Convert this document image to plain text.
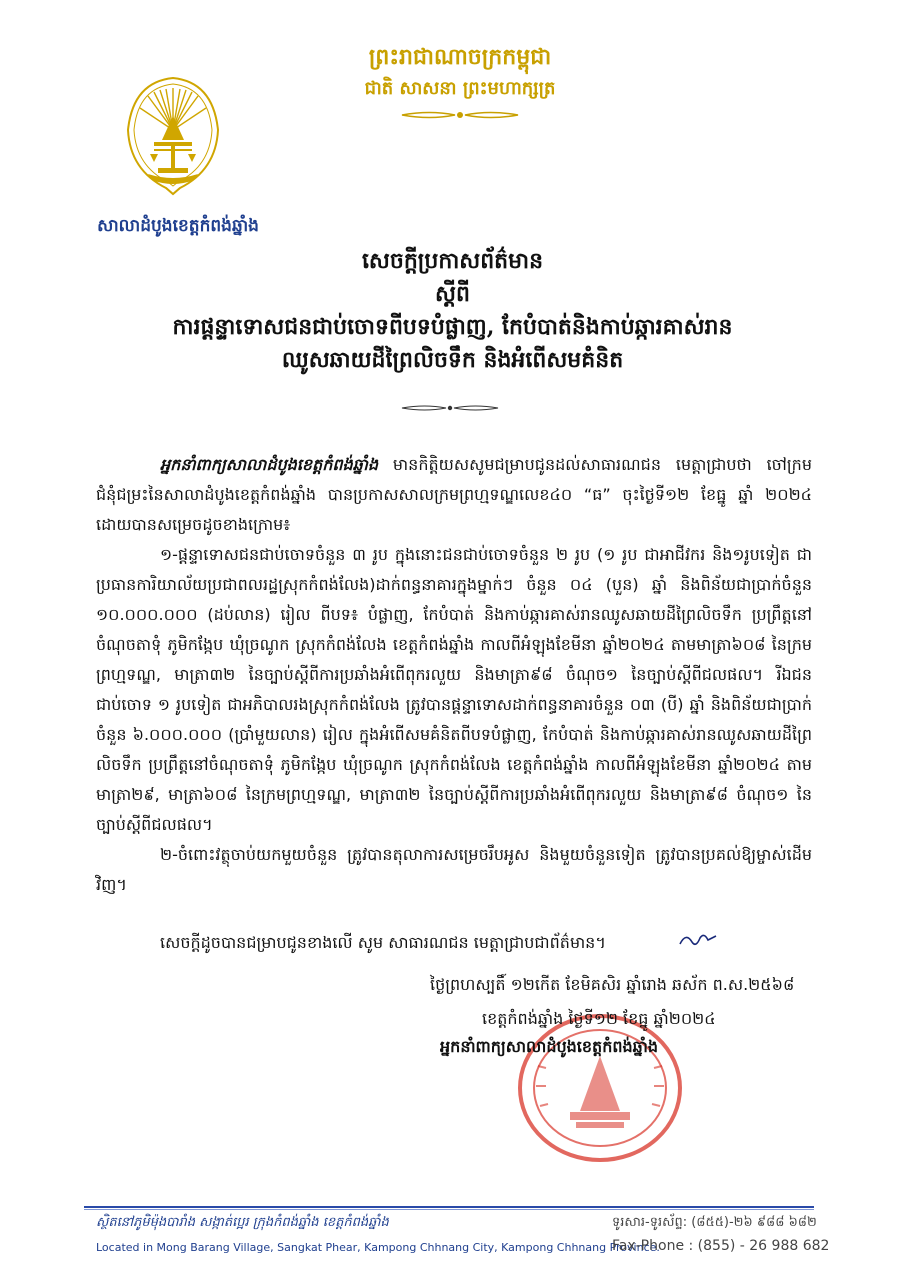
សាលាដំបូងខេត្តកំពង់ឆ្នាំង
ព្រះរាជាណាចក្រកម្ពុជា
ជាតិ សាសនា ព្រះមហាក្សត្រ
សេចក្តីប្រកាសព័ត៌មាន
ស្តីពី
ការផ្តន្ទាទោសជនជាប់ចោទពីបទបំផ្លាញ, កែបំបាត់និងកាប់ឆ្ការគាស់រាន
ឈូសឆាយដីព្រៃលិចទឹក និងអំពើសមគំនិត

អ្នកនាំពាក្យសាលាដំបូងខេត្តកំពង់ឆ្នាំង មានកិត្តិយសសូមជម្រាបជូនដល់សាធារណជន មេត្តាជ្រាបថា ចៅក្រមជំនុំជម្រះនៃសាលាដំបូងខេត្តកំពង់ឆ្នាំង បានប្រកាសសាលក្រមព្រហ្មទណ្ឌលេខ៤០ “ធ” ចុះថ្ងៃទី១២ ខែធ្នូ ឆ្នាំ ២០២៤ ដោយបានសម្រេចដូចខាងក្រោម៖

១-ផ្តន្ទាទោសជនជាប់ចោទចំនួន ៣ រូប ក្នុងនោះជនជាប់ចោទចំនួន ២ រូប (១ រូប ជាអាជីវករ និង១រូបទៀត ជាប្រធានការិយាល័យប្រជាពលរដ្ឋស្រុកកំពង់លែង)ដាក់ពន្ធនាគារក្នុងម្នាក់ៗ ចំនួន ០៤ (បួន) ឆ្នាំ និងពិន័យជាប្រាក់ចំនួន ១០.០០០.០០០ (ដប់លាន) រៀល ពីបទ៖ បំផ្លាញ, កែបំបាត់ និងកាប់ឆ្ការគាស់រានឈូសឆាយដីព្រៃលិចទឹក ប្រព្រឹត្តនៅចំណុចតាទុំ ភូមិកង្កែប ឃុំច្រណូក ស្រុកកំពង់លែង ខេត្តកំពង់ឆ្នាំង កាលពីអំឡុងខែមីនា ឆ្នាំ២០២៤ តាមមាត្រា៦០៨ នៃក្រមព្រហ្មទណ្ឌ, មាត្រា៣២ នៃច្បាប់ស្តីពីការប្រឆាំងអំពើពុករលួយ និងមាត្រា៩៨ ចំណុច១ នៃច្បាប់ស្តីពីជលផល។ រីឯជនជាប់ចោទ ១ រូបទៀត ជាអភិបាលរងស្រុកកំពង់លែង ត្រូវបានផ្តន្ទាទោសដាក់ពន្ធនាគារចំនួន ០៣ (បី) ឆ្នាំ និងពិន័យជាប្រាក់ចំនួន ៦.០០០.០០០ (ប្រាំមួយលាន) រៀល ក្នុងអំពើសមគំនិតពីបទបំផ្លាញ, កែបំបាត់ និងកាប់ឆ្ការគាស់រានឈូសឆាយដីព្រៃលិចទឹក ប្រព្រឹត្តនៅចំណុចតាទុំ ភូមិកង្កែប ឃុំច្រណូក ស្រុកកំពង់លែង ខេត្តកំពង់ឆ្នាំង កាលពីអំឡុងខែមីនា ឆ្នាំ២០២៤ តាមមាត្រា២៩, មាត្រា៦០៨ នៃក្រមព្រហ្មទណ្ឌ, មាត្រា៣២ នៃច្បាប់ស្តីពីការប្រឆាំងអំពើពុករលួយ និងមាត្រា៩៨ ចំណុច១ នៃច្បាប់ស្តីពីជលផល។

២-ចំពោះវត្ថុចាប់យកមួយចំនួន ត្រូវបានតុលាការសម្រេចរឹបអូស និងមួយចំនួនទៀត ត្រូវបានប្រគល់ឱ្យម្ចាស់ដើមវិញ។

សេចក្តីដូចបានជម្រាបជូនខាងលើ សូម សាធារណជន មេត្តាជ្រាបជាព័ត៌មាន។
ថ្ងៃព្រហស្បតិ៍ ១២កើត ខែមិគសិរ ឆ្នាំរោង ឆស័ក ព.ស.២៥៦៨
ខេត្តកំពង់ឆ្នាំង ថ្ងៃទី១២ ខែធ្នូ ឆ្នាំ២០២៤
អ្នកនាំពាក្យសាលាដំបូងខេត្តកំពង់ឆ្នាំង
ស្ថិតនៅភូមិម៉ុងបារាំង សង្កាត់ប្អេរ ក្រុងកំពង់ឆ្នាំង ខេត្តកំពង់ឆ្នាំង
Located in Mong Barang Village, Sangkat Phear, Kampong Chhnang City, Kampong Chhnang Province.
ទូរសារ-ទូរស័ព្ទ: (៨៥៥)-២៦ ៩៨៨ ៦៨២
Fax-Phone : (855) - 26 988 682
